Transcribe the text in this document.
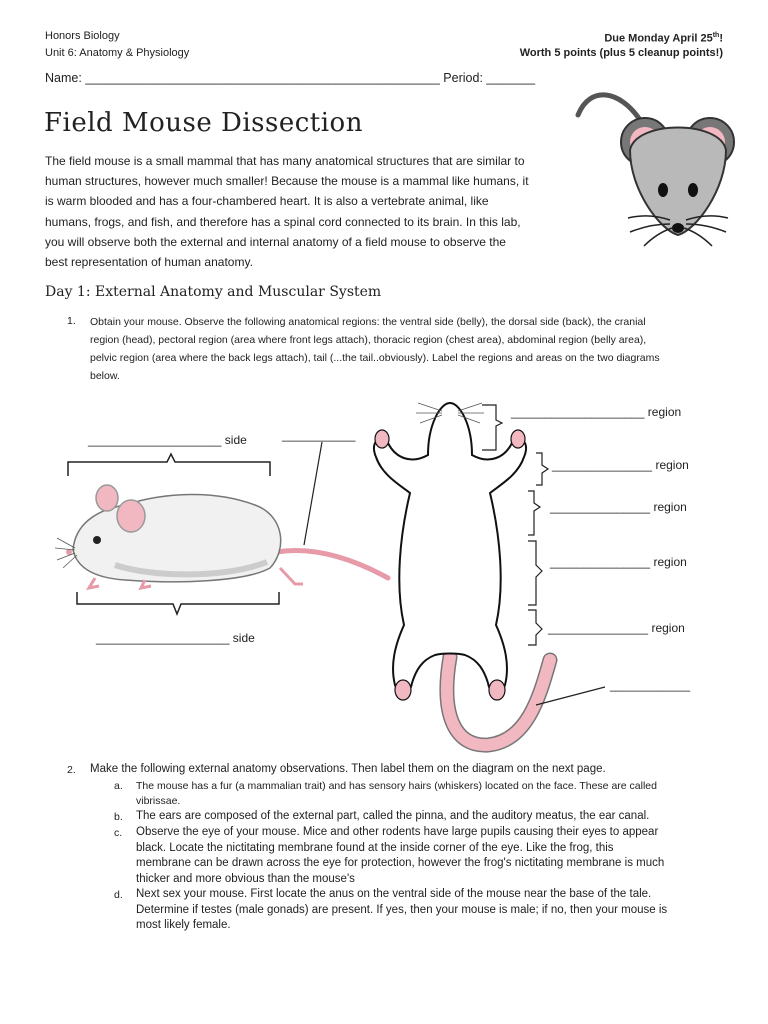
Honors Biology
Unit 6: Anatomy & Physiology
Due Monday April 25th!
Worth 5 points (plus 5 cleanup points!)
Name: ___________________________________________________ Period: _______
Field Mouse Dissection
The field mouse is a small mammal that has many anatomical structures that are similar to
human structures, however much smaller! Because the mouse is a mammal like humans, it
is warm blooded and has a four-chambered heart. It is also a vertebrate animal, like
humans, frogs, and fish, and therefore has a spinal cord connected to its brain. In this lab,
you will observe both the external and internal anatomy of a field mouse to observe the
best representation of human anatomy.
Day 1: External Anatomy and Muscular System
1. Obtain your mouse. Observe the following anatomical regions: the ventral side (belly), the dorsal side (back), the cranial
region (head), pectoral region (area where front legs attach), thoracic region (chest area), abdominal region (belly area),
pelvic region (area where the back legs attach), tail (...the tail..obviously). Label the regions and areas on the two diagrams
below.
____________________ side
____________________ side
___________
____________________ region
_______________ region
_______________ region
_______________ region
_______________ region
____________
2. Make the following external anatomy observations. Then label them on the diagram on the next page.
a. The mouse has a fur (a mammalian trait) and has sensory hairs (whiskers) located on the face. These are called
vibrissae.
b. The ears are composed of the external part, called the pinna, and the auditory meatus, the ear canal.
c. Observe the eye of your mouse. Mice and other rodents have large pupils causing their eyes to appear
black. Locate the nictitating membrane found at the inside corner of the eye. Like the frog, this
membrane can be drawn across the eye for protection, however the frog's nictitating membrane is much
thicker and more obvious than the mouse's
d. Next sex your mouse. First locate the anus on the ventral side of the mouse near the base of the tale.
Determine if testes (male gonads) are present. If yes, then your mouse is male; if no, then your mouse is
most likely female.
